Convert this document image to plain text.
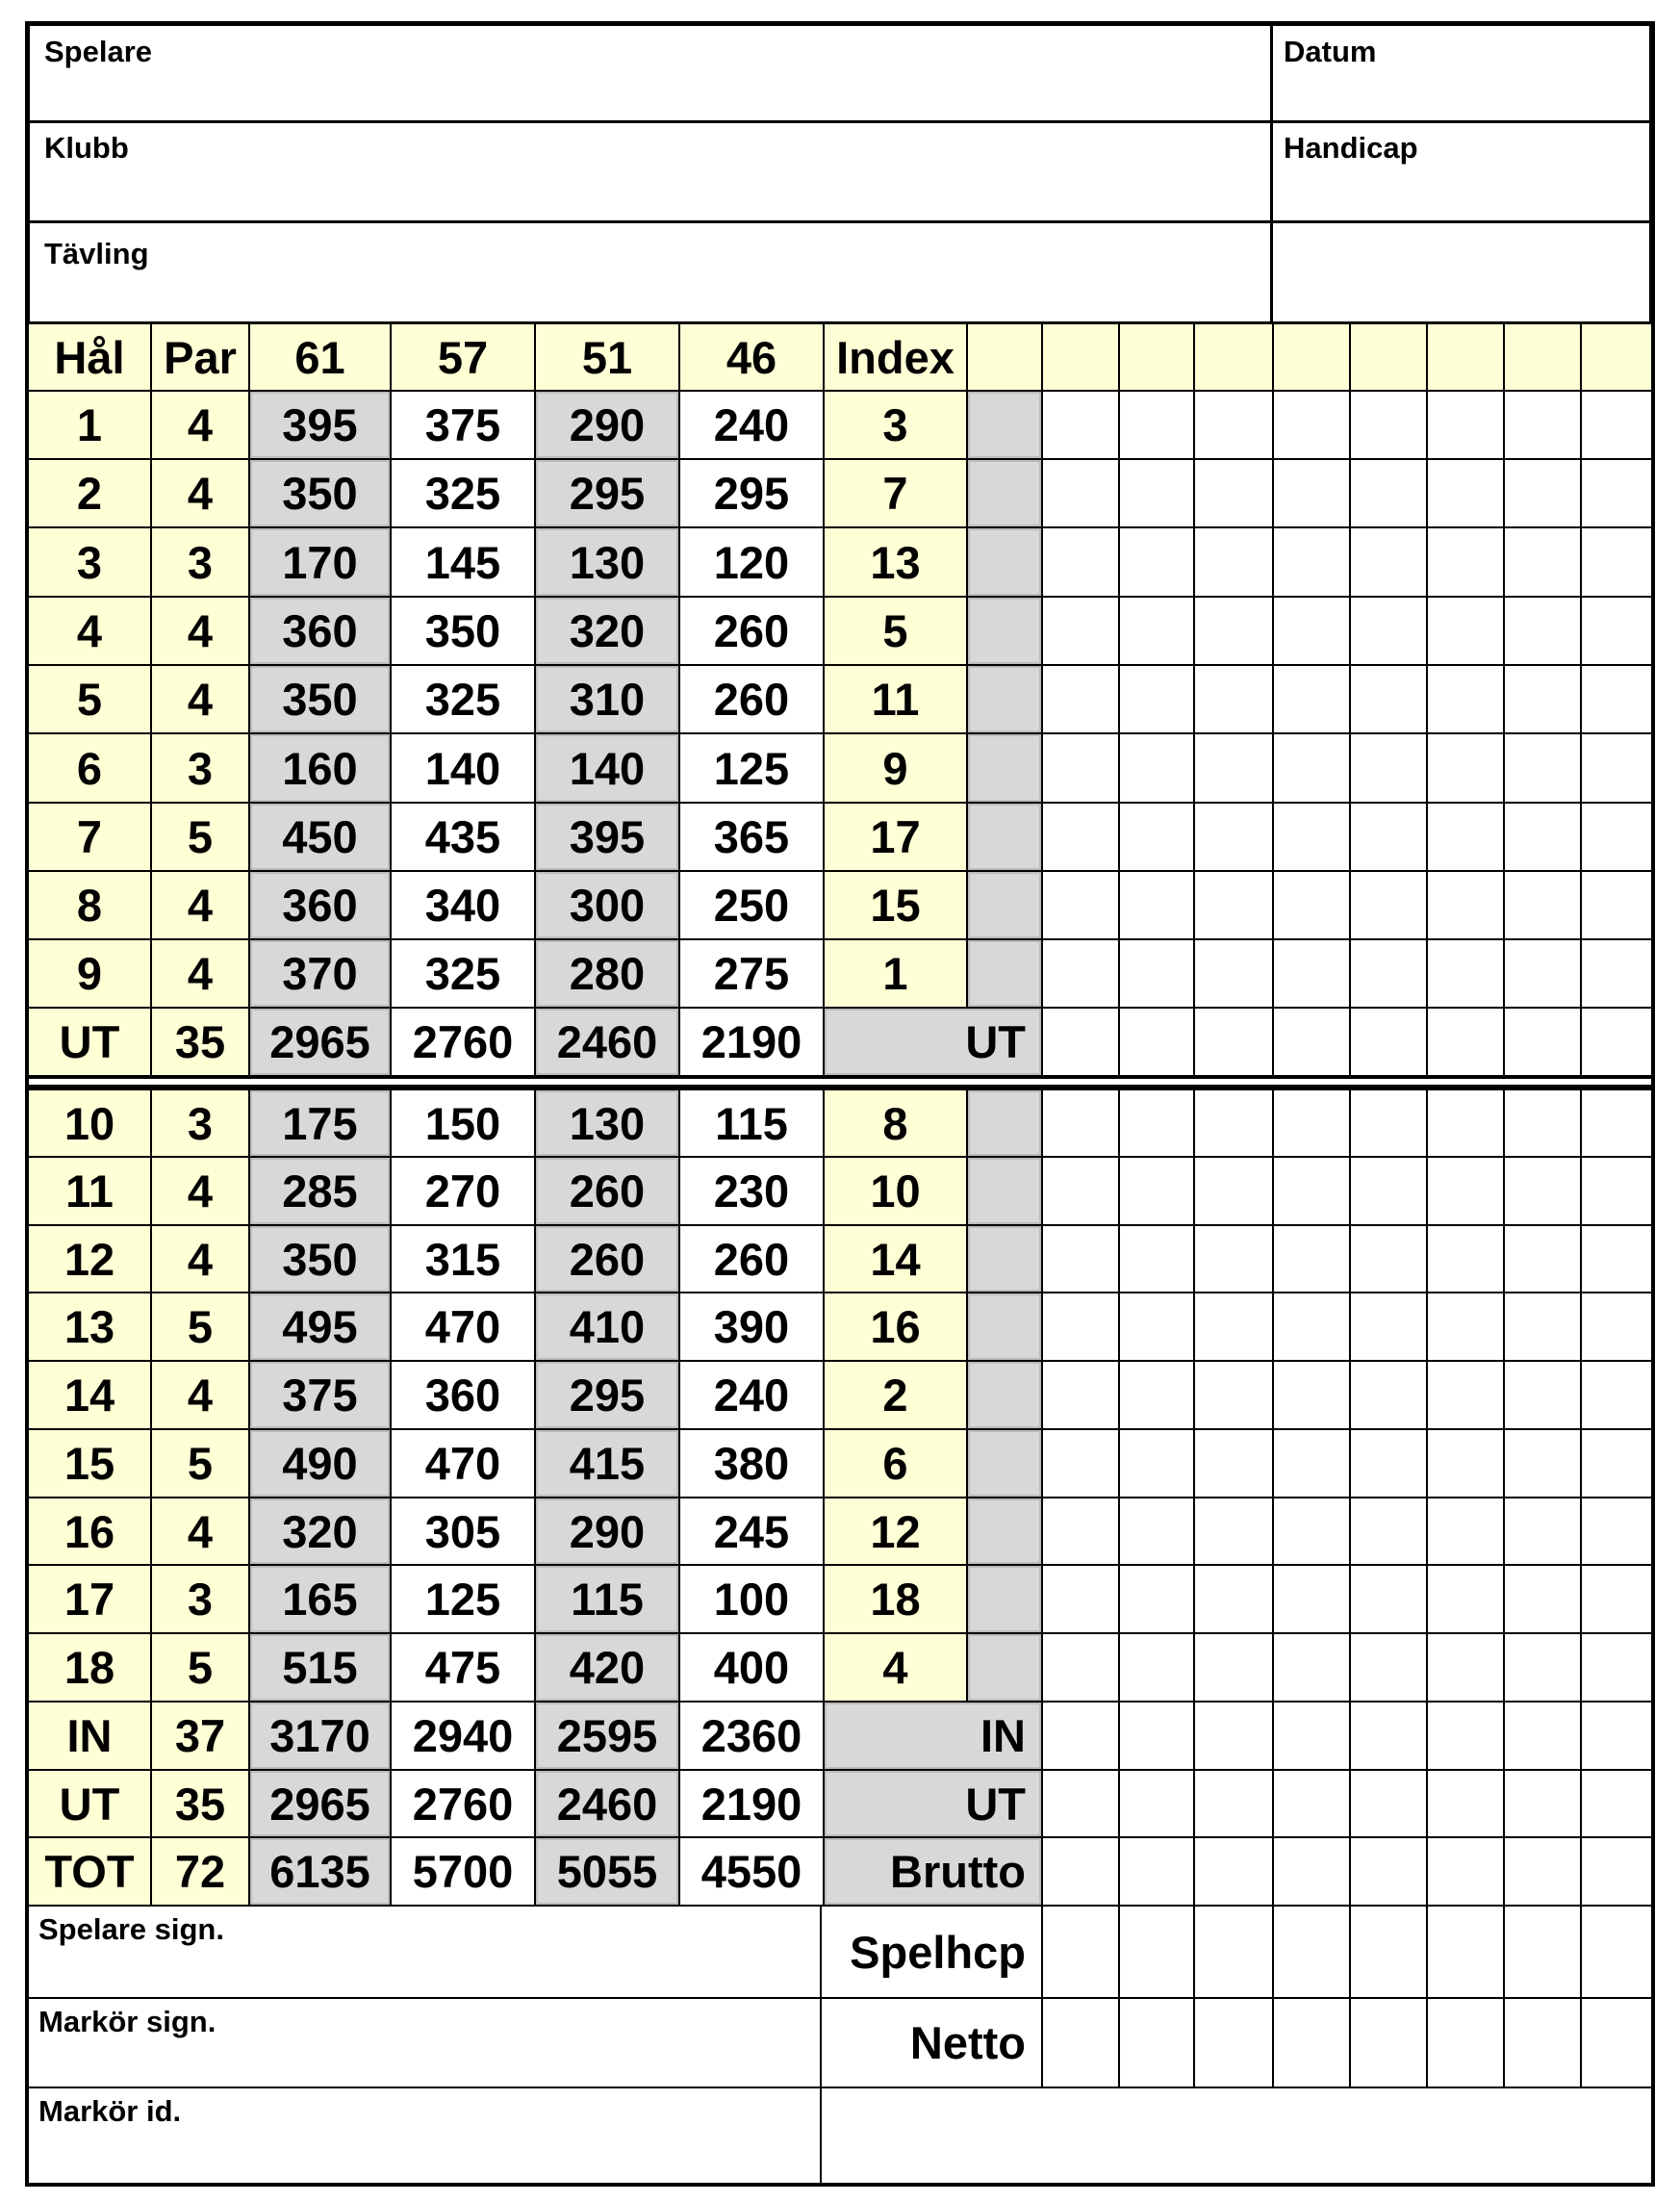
Spelare	Datum
Klubb	Handicap
Tävling
Hål Par	61	57	51	46	Index
1	4	395	375	290	240	3
2	4	350	325	295	295	7
3	3	170	145	130	120	13
4	4	360	350	320	260	5
5	4	350	325	310	260	11
6	3	160	140	140	125	9
7	5	450	435	395	365	17
8	4	360	340	300	250	15
9	4	370	325	280	275	1
UT	35 2965 2760 2460 2190	UT
10	3	175	150	130	115	8
11	4	285	270	260	230	10
12	4	350	315	260	260	14
13	5	495	470	410	390	16
14	4	375	360	295	240	2
15	5	490	470	415	380	6
16	4	320	305	290	245	12
17	3	165	125	115	100	18
18	5	515	475	420	400	4
IN	37 3170 2940 2595 2360	IN
UT	35 2965 2760 2460 2190	UT
TOT 72 6135 5700 5055 4550	Brutto
Spelare sign.
Markör sign.
Markör id.
Spelhcp
Netto
